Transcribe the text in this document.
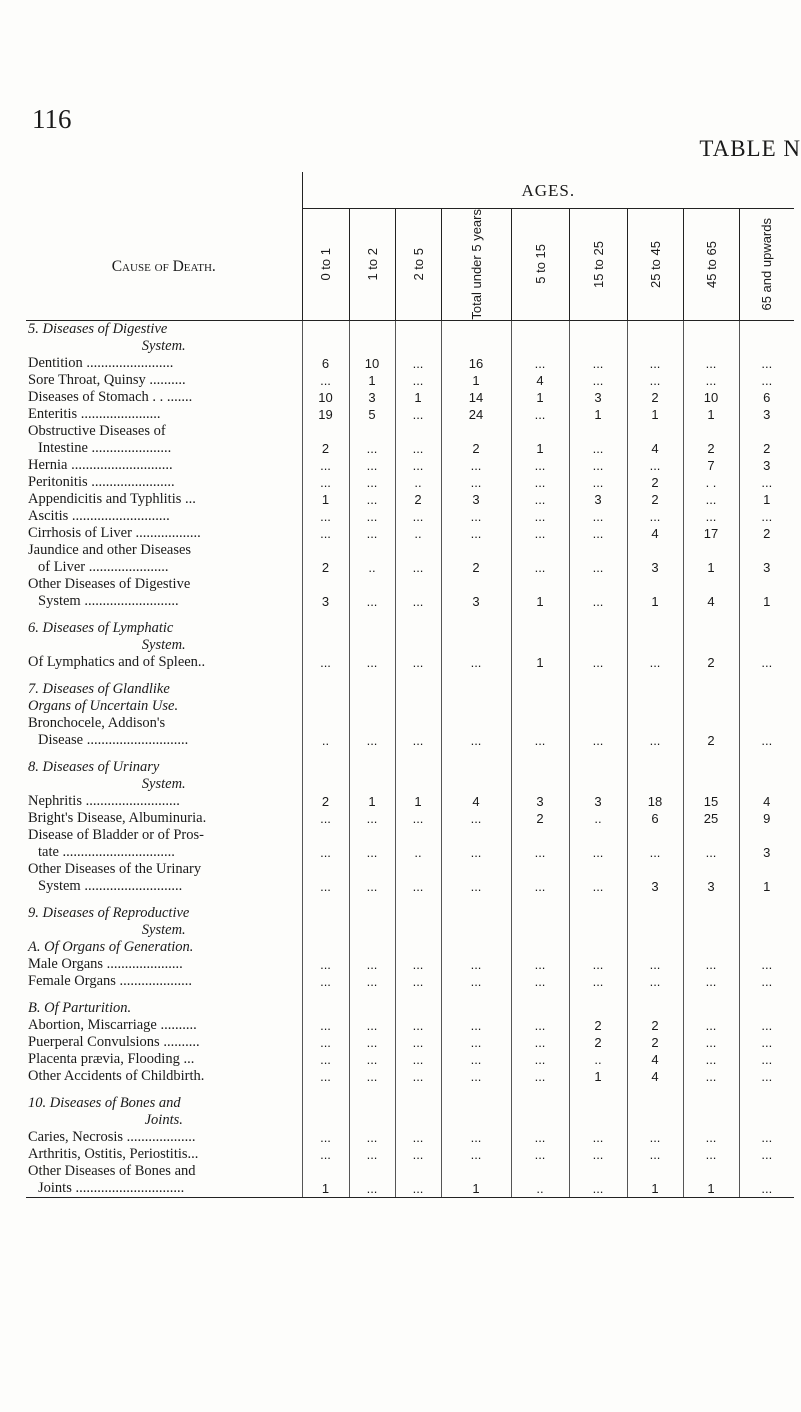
116
TABLE N
Cause of Death.	AGES.								

	0 to 1	1 to 2	2 to 5	Total under 5 years	5 to 15	15 to 25	25 to 45	45 to 65	65 and upwards

5. Diseases of Digestive									
System.									
Dentition ........................	6	10	...	16	...	...	...	...	...
Sore Throat, Quinsy ..........	...	1	...	1	4	...	...	...	...
Diseases of Stomach . . .......	10	3	1	14	1	3	2	10	6
Enteritis ......................	19	5	...	24	...	1	1	1	3
Obstructive Diseases of									
Intestine ......................	2	...	...	2	1	...	4	2	2
Hernia ............................	...	...	...	...	...	...	...	7	3
Peritonitis .......................	...	...	..	...	...	...	2	. .	...
Appendicitis and Typhlitis ...	1	...	2	3	...	3	2	...	1
Ascitis ...........................	...	...	...	...	...	...	...	...	...
Cirrhosis of Liver ..................	...	...	..	...	...	...	4	17	2
Jaundice and other Diseases									
of Liver ......................	2	..	...	2	...	...	3	1	3
Other Diseases of Digestive									
System ..........................	3	...	...	3	1	...	1	4	1

6. Diseases of Lymphatic									
System.									
Of Lymphatics and of Spleen..	...	...	...	...	1	...	...	2	...

7. Diseases of Glandlike									
Organs of Uncertain Use.									
Bronchocele, Addison's									
Disease ............................	..	...	...	...	...	...	...	2	...

8. Diseases of Urinary									
System.									
Nephritis ..........................	2	1	1	4	3	3	18	15	4
Bright's Disease, Albuminuria.	...	...	...	...	2	..	6	25	9
Disease of Bladder or of Pros-									
tate ...............................	...	...	..	...	...	...	...	...	3
Other Diseases of the Urinary									
System ...........................	...	...	...	...	...	...	3	3	1

9. Diseases of Reproductive									
System.									
A. Of Organs of Generation.									
Male Organs .....................	...	...	...	...	...	...	...	...	...
Female Organs ....................	...	...	...	...	...	...	...	...	...

B. Of Parturition.									
Abortion, Miscarriage ..........	...	...	...	...	...	2	2	...	...
Puerperal Convulsions ..........	...	...	...	...	...	2	2	...	...
Placenta prævia, Flooding ...	...	...	...	...	...	..	4	...	...
Other Accidents of Childbirth.	...	...	...	...	...	1	4	...	...

10. Diseases of Bones and									
Joints.									
Caries, Necrosis ...................	...	...	...	...	...	...	...	...	...
Arthritis, Ostitis, Periostitis...	...	...	...	...	...	...	...	...	...
Other Diseases of Bones and									
Joints ..............................	1	...	...	1	..	...	1	1	...
